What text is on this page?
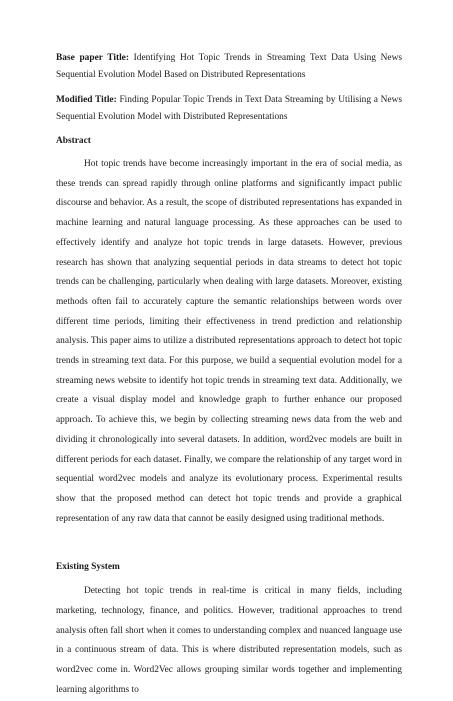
Base paper Title: Identifying Hot Topic Trends in Streaming Text Data Using News Sequential Evolution Model Based on Distributed Representations

Modified Title: Finding Popular Topic Trends in Text Data Streaming by Utilising a News Sequential Evolution Model with Distributed Representations

Abstract

Hot topic trends have become increasingly important in the era of social media, as these trends can spread rapidly through online platforms and significantly impact public discourse and behavior. As a result, the scope of distributed representations has expanded in machine learning and natural language processing. As these approaches can be used to effectively identify and analyze hot topic trends in large datasets. However, previous research has shown that analyzing sequential periods in data streams to detect hot topic trends can be challenging, particularly when dealing with large datasets. Moreover, existing methods often fail to accurately capture the semantic relationships between words over different time periods, limiting their effectiveness in trend prediction and relationship analysis. This paper aims to utilize a distributed representations approach to detect hot topic trends in streaming text data. For this purpose, we build a sequential evolution model for a streaming news website to identify hot topic trends in streaming text data. Additionally, we create a visual display model and knowledge graph to further enhance our proposed approach. To achieve this, we begin by collecting streaming news data from the web and dividing it chronologically into several datasets. In addition, word2vec models are built in different periods for each dataset. Finally, we compare the relationship of any target word in sequential word2vec models and analyze its evolutionary process. Experimental results show that the proposed method can detect hot topic trends and provide a graphical representation of any raw data that cannot be easily designed using traditional methods.

Existing System

Detecting hot topic trends in real-time is critical in many fields, including marketing, technology, finance, and politics. However, traditional approaches to trend analysis often fall short when it comes to understanding complex and nuanced language use in a continuous stream of data. This is where distributed representation models, such as word2vec come in. Word2Vec allows grouping similar words together and implementing learning algorithms to
